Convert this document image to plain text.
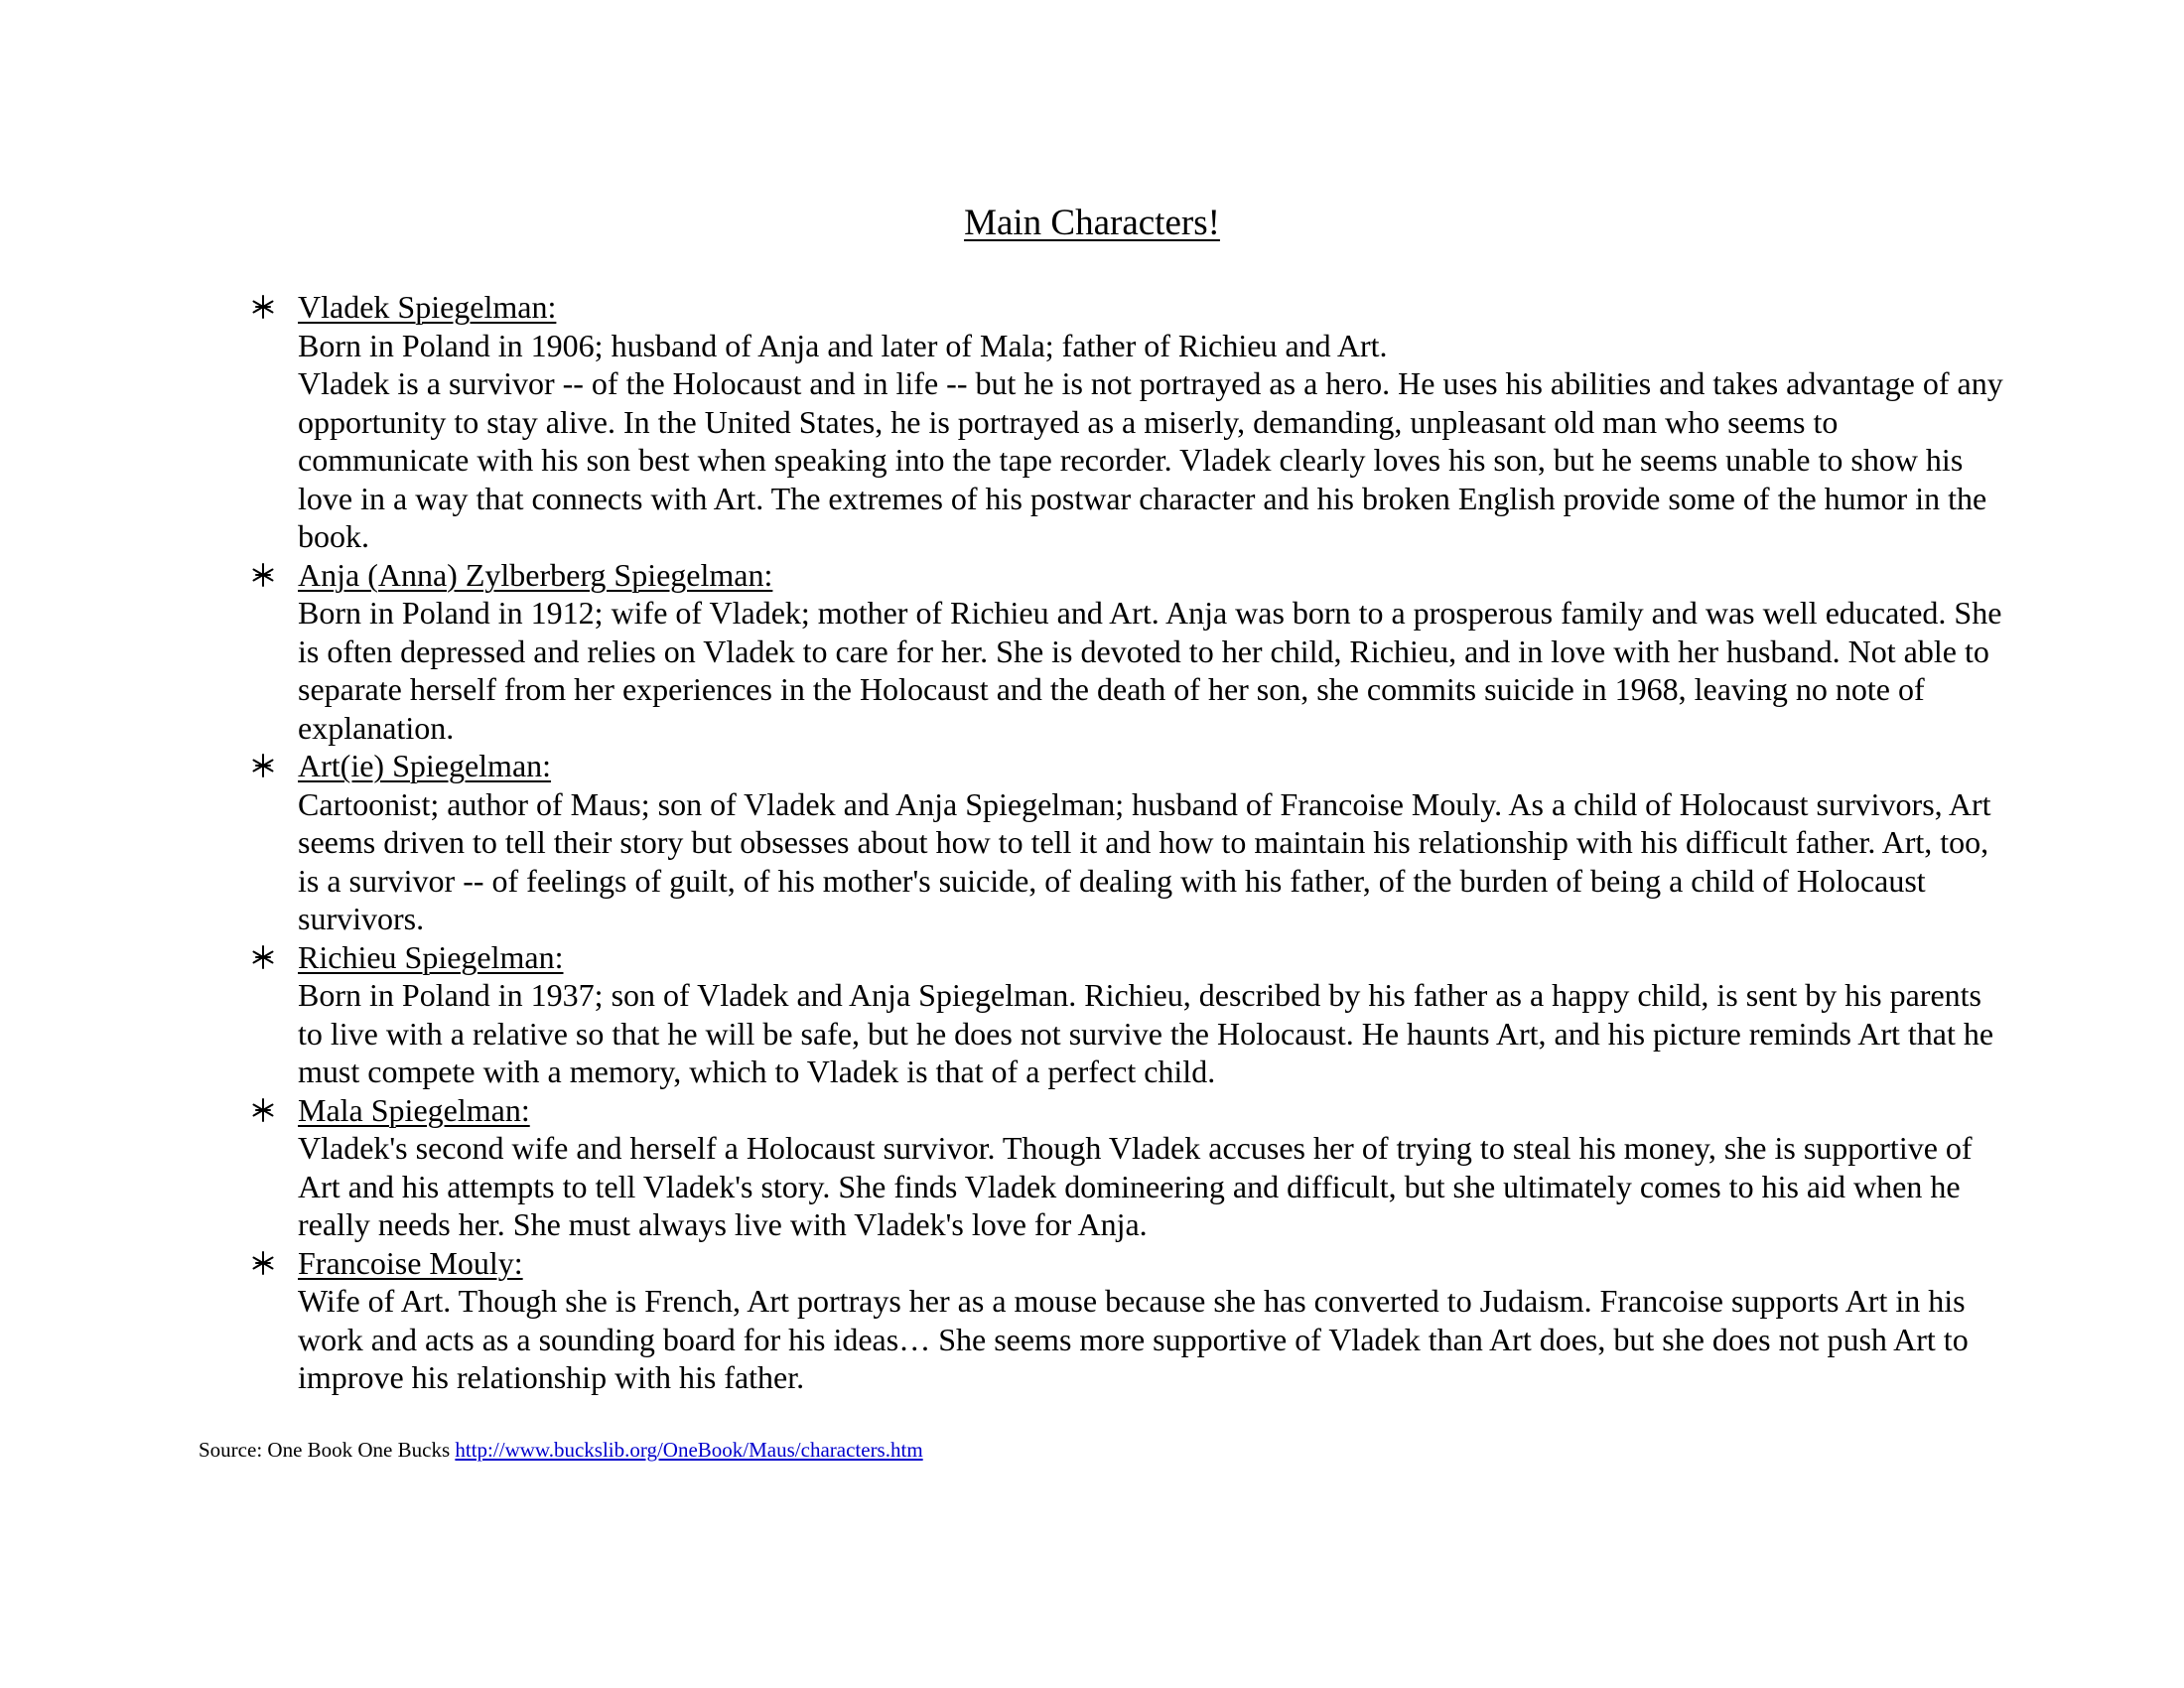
Main Characters!
Vladek Spiegelman:
Born in Poland in 1906; husband of Anja and later of Mala; father of Richieu and Art.
Vladek is a survivor -- of the Holocaust and in life -- but he is not portrayed as a hero. He uses his abilities and takes advantage of any opportunity to stay alive. In the United States, he is portrayed as a miserly, demanding, unpleasant old man who seems to communicate with his son best when speaking into the tape recorder. Vladek clearly loves his son, but he seems unable to show his love in a way that connects with Art. The extremes of his postwar character and his broken English provide some of the humor in the book.
Anja (Anna) Zylberberg Spiegelman:
Born in Poland in 1912; wife of Vladek; mother of Richieu and Art. Anja was born to a prosperous family and was well educated. She is often depressed and relies on Vladek to care for her. She is devoted to her child, Richieu, and in love with her husband. Not able to separate herself from her experiences in the Holocaust and the death of her son, she commits suicide in 1968, leaving no note of explanation.
Art(ie) Spiegelman:
Cartoonist; author of Maus; son of Vladek and Anja Spiegelman; husband of Francoise Mouly. As a child of Holocaust survivors, Art seems driven to tell their story but obsesses about how to tell it and how to maintain his relationship with his difficult father. Art, too, is a survivor -- of feelings of guilt, of his mother's suicide, of dealing with his father, of the burden of being a child of Holocaust survivors.
Richieu Spiegelman:
Born in Poland in 1937; son of Vladek and Anja Spiegelman. Richieu, described by his father as a happy child, is sent by his parents to live with a relative so that he will be safe, but he does not survive the Holocaust. He haunts Art, and his picture reminds Art that he must compete with a memory, which to Vladek is that of a perfect child.
Mala Spiegelman:
Vladek's second wife and herself a Holocaust survivor. Though Vladek accuses her of trying to steal his money, she is supportive of Art and his attempts to tell Vladek's story. She finds Vladek domineering and difficult, but she ultimately comes to his aid when he really needs her. She must always live with Vladek's love for Anja.
Francoise Mouly:
Wife of Art. Though she is French, Art portrays her as a mouse because she has converted to Judaism. Francoise supports Art in his work and acts as a sounding board for his ideas… She seems more supportive of Vladek than Art does, but she does not push Art to improve his relationship with his father.
Source: One Book One Bucks http://www.buckslib.org/OneBook/Maus/characters.htm
